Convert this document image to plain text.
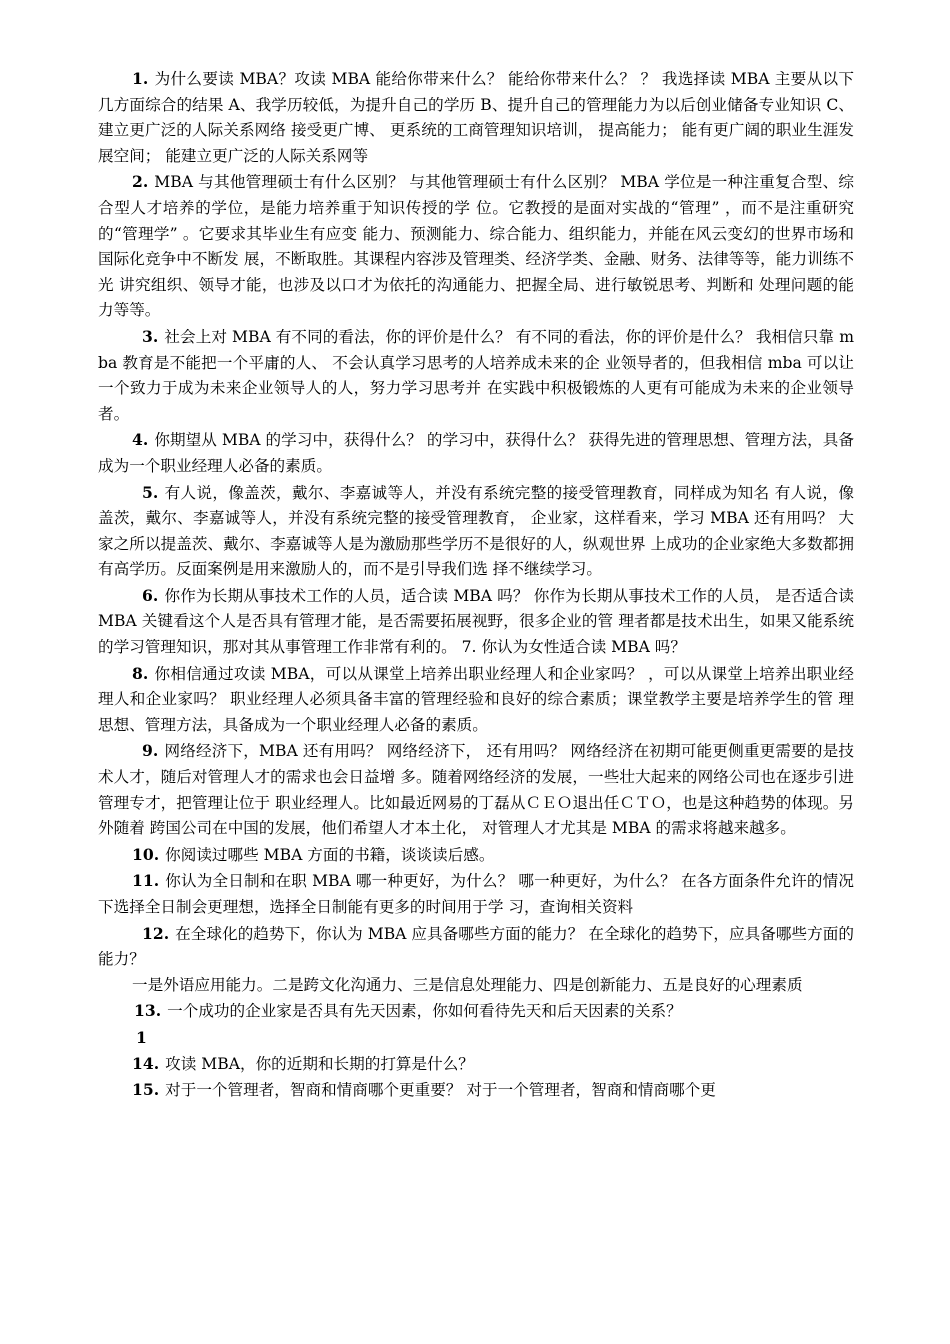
1. 为什么要读 MBA？攻读 MBA 能给你带来什么？ 能给你带来什么？ ？ 我选择读 MBA 主要从以下几方面综合的结果 A、我学历较低，为提升自己的学历 B、提升自己的管理能力为以后创业储备专业知识 C、建立更广泛的人际关系网络 接受更广博、 更系统的工商管理知识培训， 提高能力； 能有更广阔的职业生涯发展空间； 能建立更广泛的人际关系网等

2. MBA 与其他管理硕士有什么区别？ 与其他管理硕士有什么区别？ MBA 学位是一种注重复合型、综合型人才培养的学位，是能力培养重于知识传授的学 位。它教授的是面对实战的“管理” ，而不是注重研究的“管理学” 。它要求其毕业生有应变 能力、预测能力、综合能力、组织能力，并能在风云变幻的世界市场和国际化竞争中不断发 展，不断取胜。其课程内容涉及管理类、经济学类、金融、财务、法律等等，能力训练不光 讲究组织、领导才能，也涉及以口才为依托的沟通能力、把握全局、进行敏锐思考、判断和 处理问题的能力等等。

3. 社会上对 MBA 有不同的看法，你的评价是什么？ 有不同的看法，你的评价是什么？ 我相信只靠 mba 教育是不能把一个平庸的人、 不会认真学习思考的人培养成未来的企 业领导者的，但我相信 mba 可以让一个致力于成为未来企业领导人的人，努力学习思考并 在实践中积极锻炼的人更有可能成为未来的企业领导者。

4. 你期望从 MBA 的学习中，获得什么？ 的学习中，获得什么？ 获得先进的管理思想、管理方法，具备成为一个职业经理人必备的素质。

5. 有人说，像盖茨，戴尔、李嘉诚等人，并没有系统完整的接受管理教育，同样成为知名 有人说，像盖茨，戴尔、李嘉诚等人，并没有系统完整的接受管理教育， 企业家，这样看来，学习 MBA 还有用吗？ 大家之所以提盖茨、戴尔、李嘉诚等人是为激励那些学历不是很好的人，纵观世界 上成功的企业家绝大多数都拥有高学历。反面案例是用来激励人的，而不是引导我们选 择不继续学习。

6. 你作为长期从事技术工作的人员，适合读 MBA 吗？ 你作为长期从事技术工作的人员， 是否适合读 MBA 关键看这个人是否具有管理才能，是否需要拓展视野，很多企业的管 理者都是技术出生，如果又能系统的学习管理知识，那对其从事管理工作非常有利的。 7. 你认为女性适合读 MBA 吗？

8. 你相信通过攻读 MBA，可以从课堂上培养出职业经理人和企业家吗？ ，可以从课堂上培养出职业经理人和企业家吗？ 职业经理人必须具备丰富的管理经验和良好的综合素质；课堂教学主要是培养学生的管 理思想、管理方法，具备成为一个职业经理人必备的素质。

9. 网络经济下，MBA 还有用吗？ 网络经济下， 还有用吗？ 网络经济在初期可能更侧重更需要的是技术人才，随后对管理人才的需求也会日益增 多。随着网络经济的发展，一些壮大起来的网络公司也在逐步引进管理专才，把管理让位于 职业经理人。比如最近网易的丁磊从ＣＥＯ退出任ＣＴＯ，也是这种趋势的体现。另外随着 跨国公司在中国的发展，他们希望人才本土化， 对管理人才尤其是 MBA 的需求将越来越多。

10. 你阅读过哪些 MBA 方面的书籍，谈谈读后感。

11. 你认为全日制和在职 MBA 哪一种更好，为什么？ 哪一种更好，为什么？ 在各方面条件允许的情况下选择全日制会更理想，选择全日制能有更多的时间用于学 习，查询相关资料

12. 在全球化的趋势下，你认为 MBA 应具备哪些方面的能力？ 在全球化的趋势下，应具备哪些方面的能力？

一是外语应用能力。二是跨文化沟通力、三是信息处理能力、四是创新能力、五是良好的心理素质

13. 一个成功的企业家是否具有先天因素，你如何看待先天和后天因素的关系？

1

14. 攻读 MBA，你的近期和长期的打算是什么？

15. 对于一个管理者，智商和情商哪个更重要？ 对于一个管理者，智商和情商哪个更
